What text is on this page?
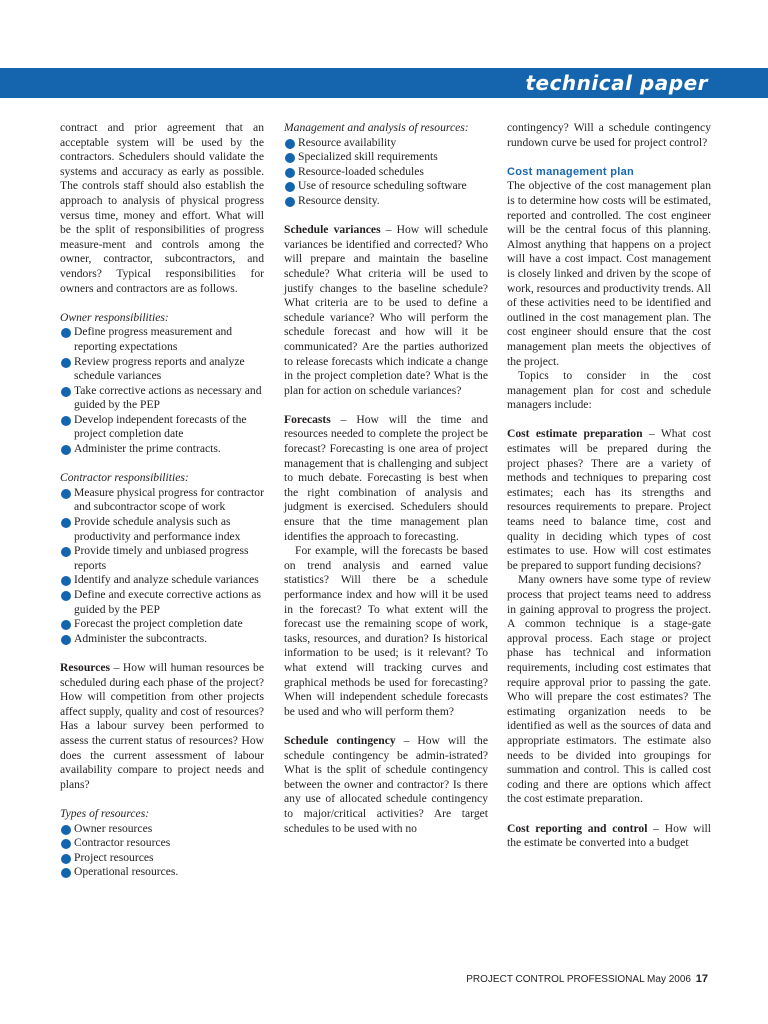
technical paper

contract and prior agreement that an acceptable system will be used by the contractors. Schedulers should validate the systems and accuracy as early as possible. The controls staff should also establish the approach to analysis of physical progress versus time, money and effort. What will be the split of responsibilities of progress measure-ment and controls among the owner, contractor, subcontractors, and vendors? Typical responsibilities for owners and contractors are as follows.

Owner responsibilities:

Define progress measurement and reporting expectations
Review progress reports and analyze schedule variances
Take corrective actions as necessary and guided by the PEP
Develop independent forecasts of the project completion date
Administer the prime contracts.

Contractor responsibilities:

Measure physical progress for contractor and subcontractor scope of work
Provide schedule analysis such as productivity and performance index
Provide timely and unbiased progress reports
Identify and analyze schedule variances
Define and execute corrective actions as guided by the PEP
Forecast the project completion date
Administer the subcontracts.

Resources – How will human resources be scheduled during each phase of the project? How will competition from other projects affect supply, quality and cost of resources? Has a labour survey been performed to assess the current status of resources? How does the current assessment of labour availability compare to project needs and plans?

Types of resources:

Owner resources
Contractor resources
Project resources
Operational resources.

Management and analysis of resources:

Resource availability
Specialized skill requirements
Resource-loaded schedules
Use of resource scheduling software
Resource density.

Schedule variances – How will schedule variances be identified and corrected? Who will prepare and maintain the baseline schedule? What criteria will be used to justify changes to the baseline schedule? What criteria are to be used to define a schedule variance? Who will perform the schedule forecast and how will it be communicated? Are the parties authorized to release forecasts which indicate a change in the project completion date? What is the plan for action on schedule variances?

Forecasts – How will the time and resources needed to complete the project be forecast? Forecasting is one area of project management that is challenging and subject to much debate. Forecasting is best when the right combination of analysis and judgment is exercised. Schedulers should ensure that the time management plan identifies the approach to forecasting.

For example, will the forecasts be based on trend analysis and earned value statistics? Will there be a schedule performance index and how will it be used in the forecast? To what extent will the forecast use the remaining scope of work, tasks, resources, and duration? Is historical information to be used; is it relevant? To what extend will tracking curves and graphical methods be used for forecasting? When will independent schedule forecasts be used and who will perform them?

Schedule contingency – How will the schedule contingency be admin-istrated? What is the split of schedule contingency between the owner and contractor? Is there any use of allocated schedule contingency to major/critical activities? Are target schedules to be used with no

contingency? Will a schedule contingency rundown curve be used for project control?

Cost management plan

The objective of the cost management plan is to determine how costs will be estimated, reported and controlled. The cost engineer will be the central focus of this planning. Almost anything that happens on a project will have a cost impact. Cost management is closely linked and driven by the scope of work, resources and productivity trends. All of these activities need to be identified and outlined in the cost management plan. The cost engineer should ensure that the cost management plan meets the objectives of the project.

Topics to consider in the cost management plan for cost and schedule managers include:

Cost estimate preparation – What cost estimates will be prepared during the project phases? There are a variety of methods and techniques to preparing cost estimates; each has its strengths and resources requirements to prepare. Project teams need to balance time, cost and quality in deciding which types of cost estimates to use. How will cost estimates be prepared to support funding decisions?

Many owners have some type of review process that project teams need to address in gaining approval to progress the project. A common technique is a stage-gate approval process. Each stage or project phase has technical and information requirements, including cost estimates that require approval prior to passing the gate. Who will prepare the cost estimates? The estimating organization needs to be identified as well as the sources of data and appropriate estimators. The estimate also needs to be divided into groupings for summation and control. This is called cost coding and there are options which affect the cost estimate preparation.

Cost reporting and control – How will the estimate be converted into a budget

PROJECT CONTROL PROFESSIONAL May 2006 17
